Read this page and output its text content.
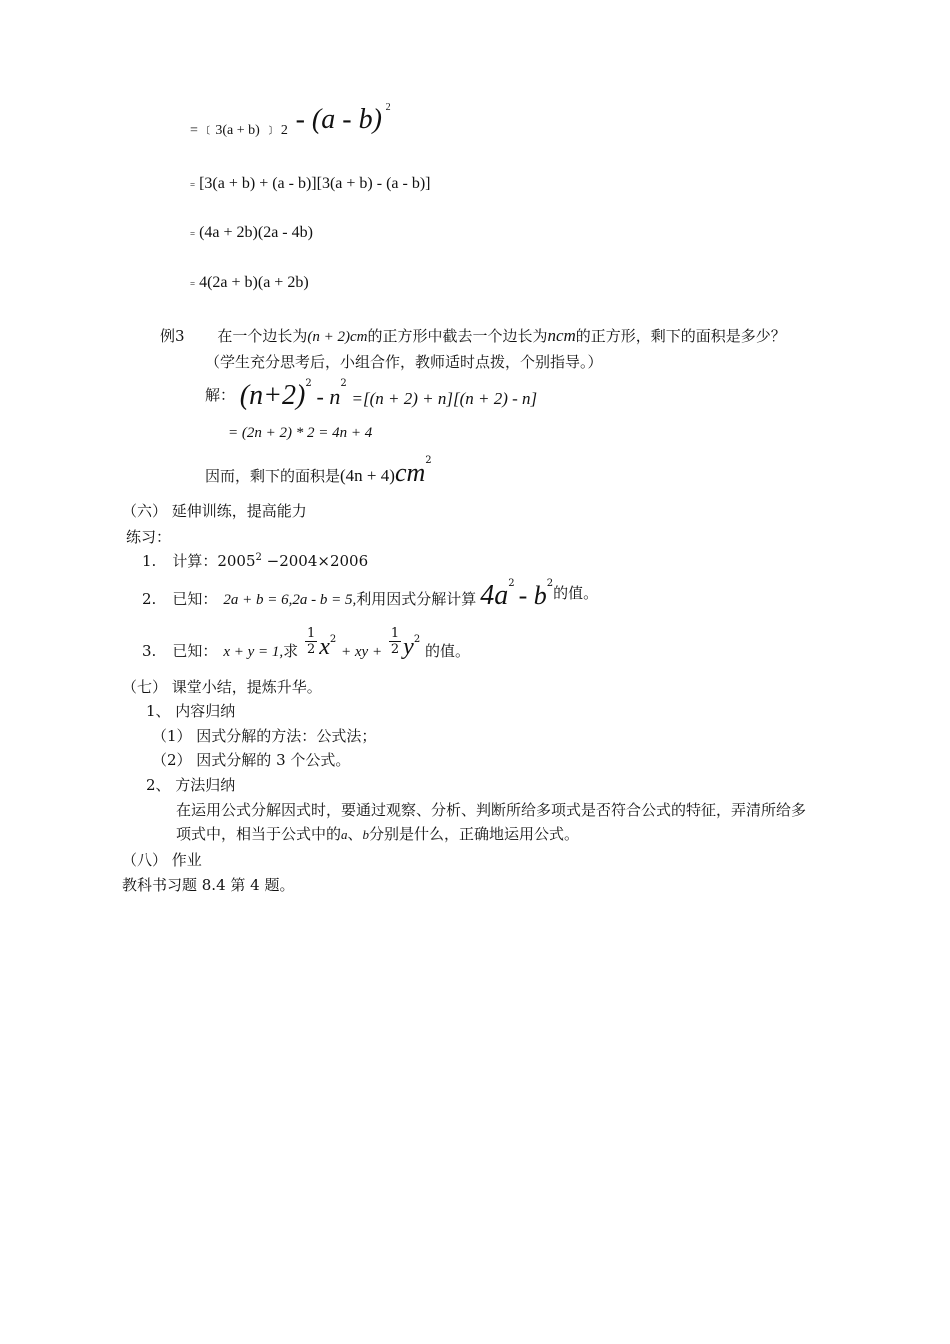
= ﹝3(a + b) ﹞ 2 - (a - b) $^2$
= [3(a + b) + (a - b)][3(a + b) - (a - b)]
= (4a + 2b)(2a - 4b)
= 4(2a + b)(a + 2b)
例3 在一个边长为(n + 2)cm的正方形中截去一个边长为ncm的正方形，剩下的面积是多少？
（学生充分思考后，小组合作，教师适时点拨，个别指导。）
解： $(n+2)^2 - n^2 =[(n + 2) + n][(n + 2) - n]$
= (2n + 2) * 2 = 4n + 4
因而，剩下的面积是$(4n + 4)cm^2$
（六） 延伸训练，提高能力
练习：
1. 计算：$2005^2 -2004\times 2006$
2. 已知： 2a + b = 6,2a - b = 5,利用因式分解计算 $4a^2 - b^2$的值。
3. 已知： x + y = 1,求 $\frac{1}{2} x^2$ + xy + $\frac{1}{2} y^2$ 的值。
（七） 课堂小结，提炼升华。
1、 内容归纳
（1） 因式分解的方法：公式法；
（2） 因式分解的 3 个公式。
2、 方法归纳
在运用公式分解因式时，要通过观察、分析、判断所给多项式是否符合公式的特征，弄清所给多
项式中，相当于公式中的a、b分别是什么，正确地运用公式。
（八） 作业
教科书习题 8.4 第 4 题。
